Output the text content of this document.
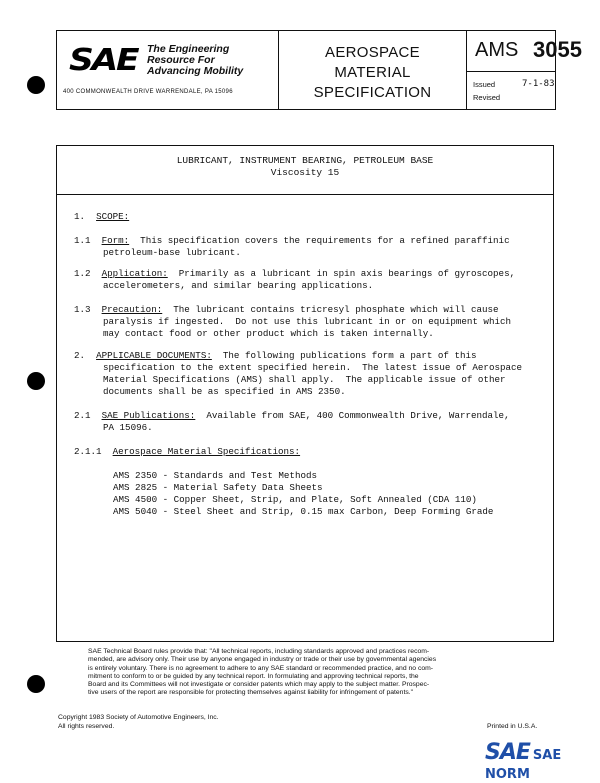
SAE The Engineering
Resource For
Advancing Mobility
400 COMMONWEALTH DRIVE WARRENDALE, PA 15096
AEROSPACE
MATERIAL
SPECIFICATION
AMS 3055
Issued
Revised
7-1-83
LUBRICANT, INSTRUMENT BEARING, PETROLEUM BASE
Viscosity 15
1. SCOPE:
1.1 Form:  This specification covers the requirements for a refined paraffinic
petroleum-base lubricant.
1.2 Application:  Primarily as a lubricant in spin axis bearings of gyroscopes,
accelerometers, and similar bearing applications.
1.3 Precaution:  The lubricant contains tricresyl phosphate which will cause
paralysis if ingested.  Do not use this lubricant in or on equipment which
may contact food or other product which is taken internally.
2. APPLICABLE DOCUMENTS:  The following publications form a part of this
specification to the extent specified herein.  The latest issue of Aerospace
Material Specifications (AMS) shall apply.  The applicable issue of other
documents shall be as specified in AMS 2350.
2.1 SAE Publications:  Available from SAE, 400 Commonwealth Drive, Warrendale,
PA 15096.
2.1.1 Aerospace Material Specifications:
AMS 2350 - Standards and Test Methods
AMS 2825 - Material Safety Data Sheets
AMS 4500 - Copper Sheet, Strip, and Plate, Soft Annealed (CDA 110)
AMS 5040 - Steel Sheet and Strip, 0.15 max Carbon, Deep Forming Grade
SAE Technical Board rules provide that: "All technical reports, including standards approved and practices recom-
mended, are advisory only. Their use by anyone engaged in industry or trade or their use by governmental agencies
is entirely voluntary. There is no agreement to adhere to any SAE standard or recommended practice, and no com-
mitment to conform to or be guided by any technical report. In formulating and approving technical reports, the
Board and its Committees will not investigate or consider patents which may apply to the subject matter. Prospec-
tive users of the report are responsible for protecting themselves against liability for infringement of patents."
Copyright 1983 Society of Automotive Engineers, Inc.
All rights reserved.	Printed in U.S.A.
SAE SAE NORM
